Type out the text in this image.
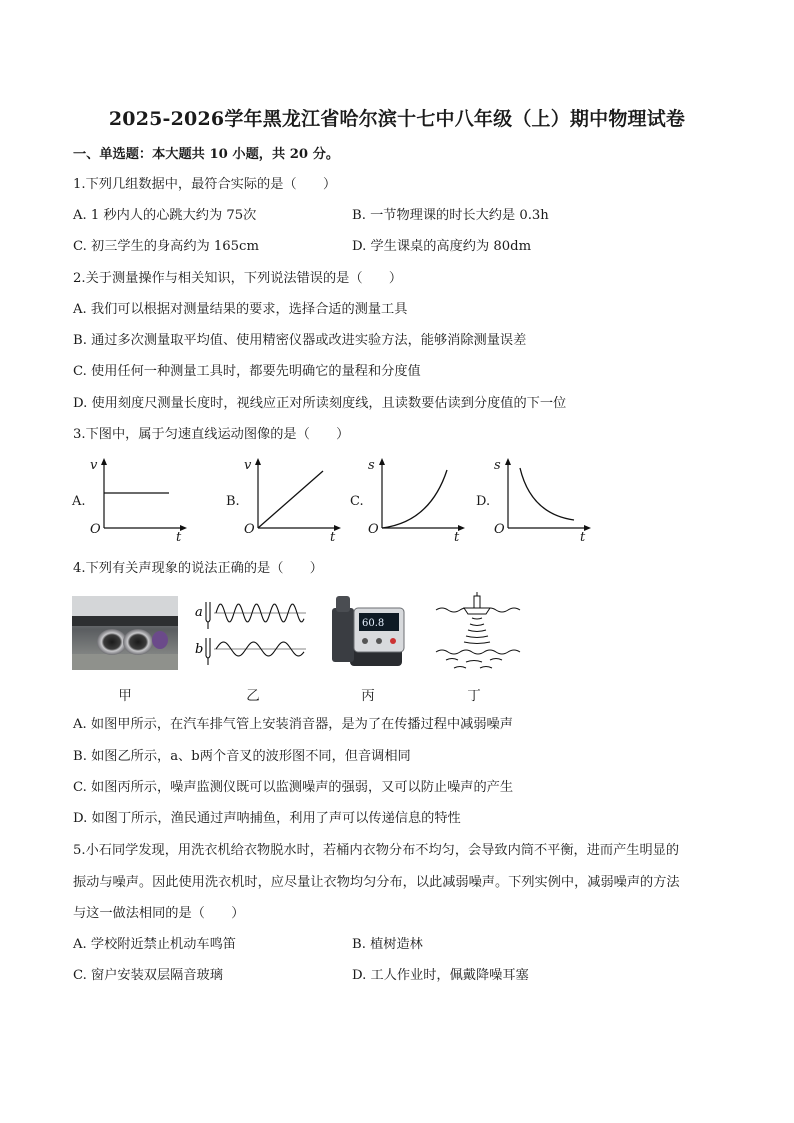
2025-2026学年黑龙江省哈尔滨十七中八年级（上）期中物理试卷
一、单选题：本大题共 10 小题，共 20 分。
1.下列几组数据中，最符合实际的是（　　）
A. 1 秒内人的心跳大约为 75次	B. 一节物理课的时长大约是 0.3h
C. 初三学生的身高约为 165cm	D. 学生课桌的高度约为 80dm
2.关于测量操作与相关知识，下列说法错误的是（　　）
A. 我们可以根据对测量结果的要求，选择合适的测量工具
B. 通过多次测量取平均值、使用精密仪器或改进实验方法，能够消除测量误差
C. 使用任何一种测量工具时，都要先明确它的量程和分度值
D. 使用刻度尺测量长度时，视线应正对所读刻度线，且读数要估读到分度值的下一位
3.下图中，属于匀速直线运动图像的是（　　）
A.
v
O
t
B.
v
O
t
C.
s
O
t
D.
s
O
t
4.下列有关声现象的说法正确的是（　　）
a
b
60.8
甲	乙	丙	丁
A. 如图甲所示，在汽车排气管上安装消音器，是为了在传播过程中减弱噪声
B. 如图乙所示，a、b两个音叉的波形图不同，但音调相同
C. 如图丙所示，噪声监测仪既可以监测噪声的强弱，又可以防止噪声的产生
D. 如图丁所示，渔民通过声呐捕鱼，利用了声可以传递信息的特性
5.小石同学发现，用洗衣机给衣物脱水时，若桶内衣物分布不均匀，会导致内筒不平衡，进而产生明显的
振动与噪声。因此使用洗衣机时，应尽量让衣物均匀分布，以此减弱噪声。下列实例中，减弱噪声的方法
与这一做法相同的是（　　）
A. 学校附近禁止机动车鸣笛	B. 植树造林
C. 窗户安装双层隔音玻璃	D. 工人作业时，佩戴降噪耳塞
